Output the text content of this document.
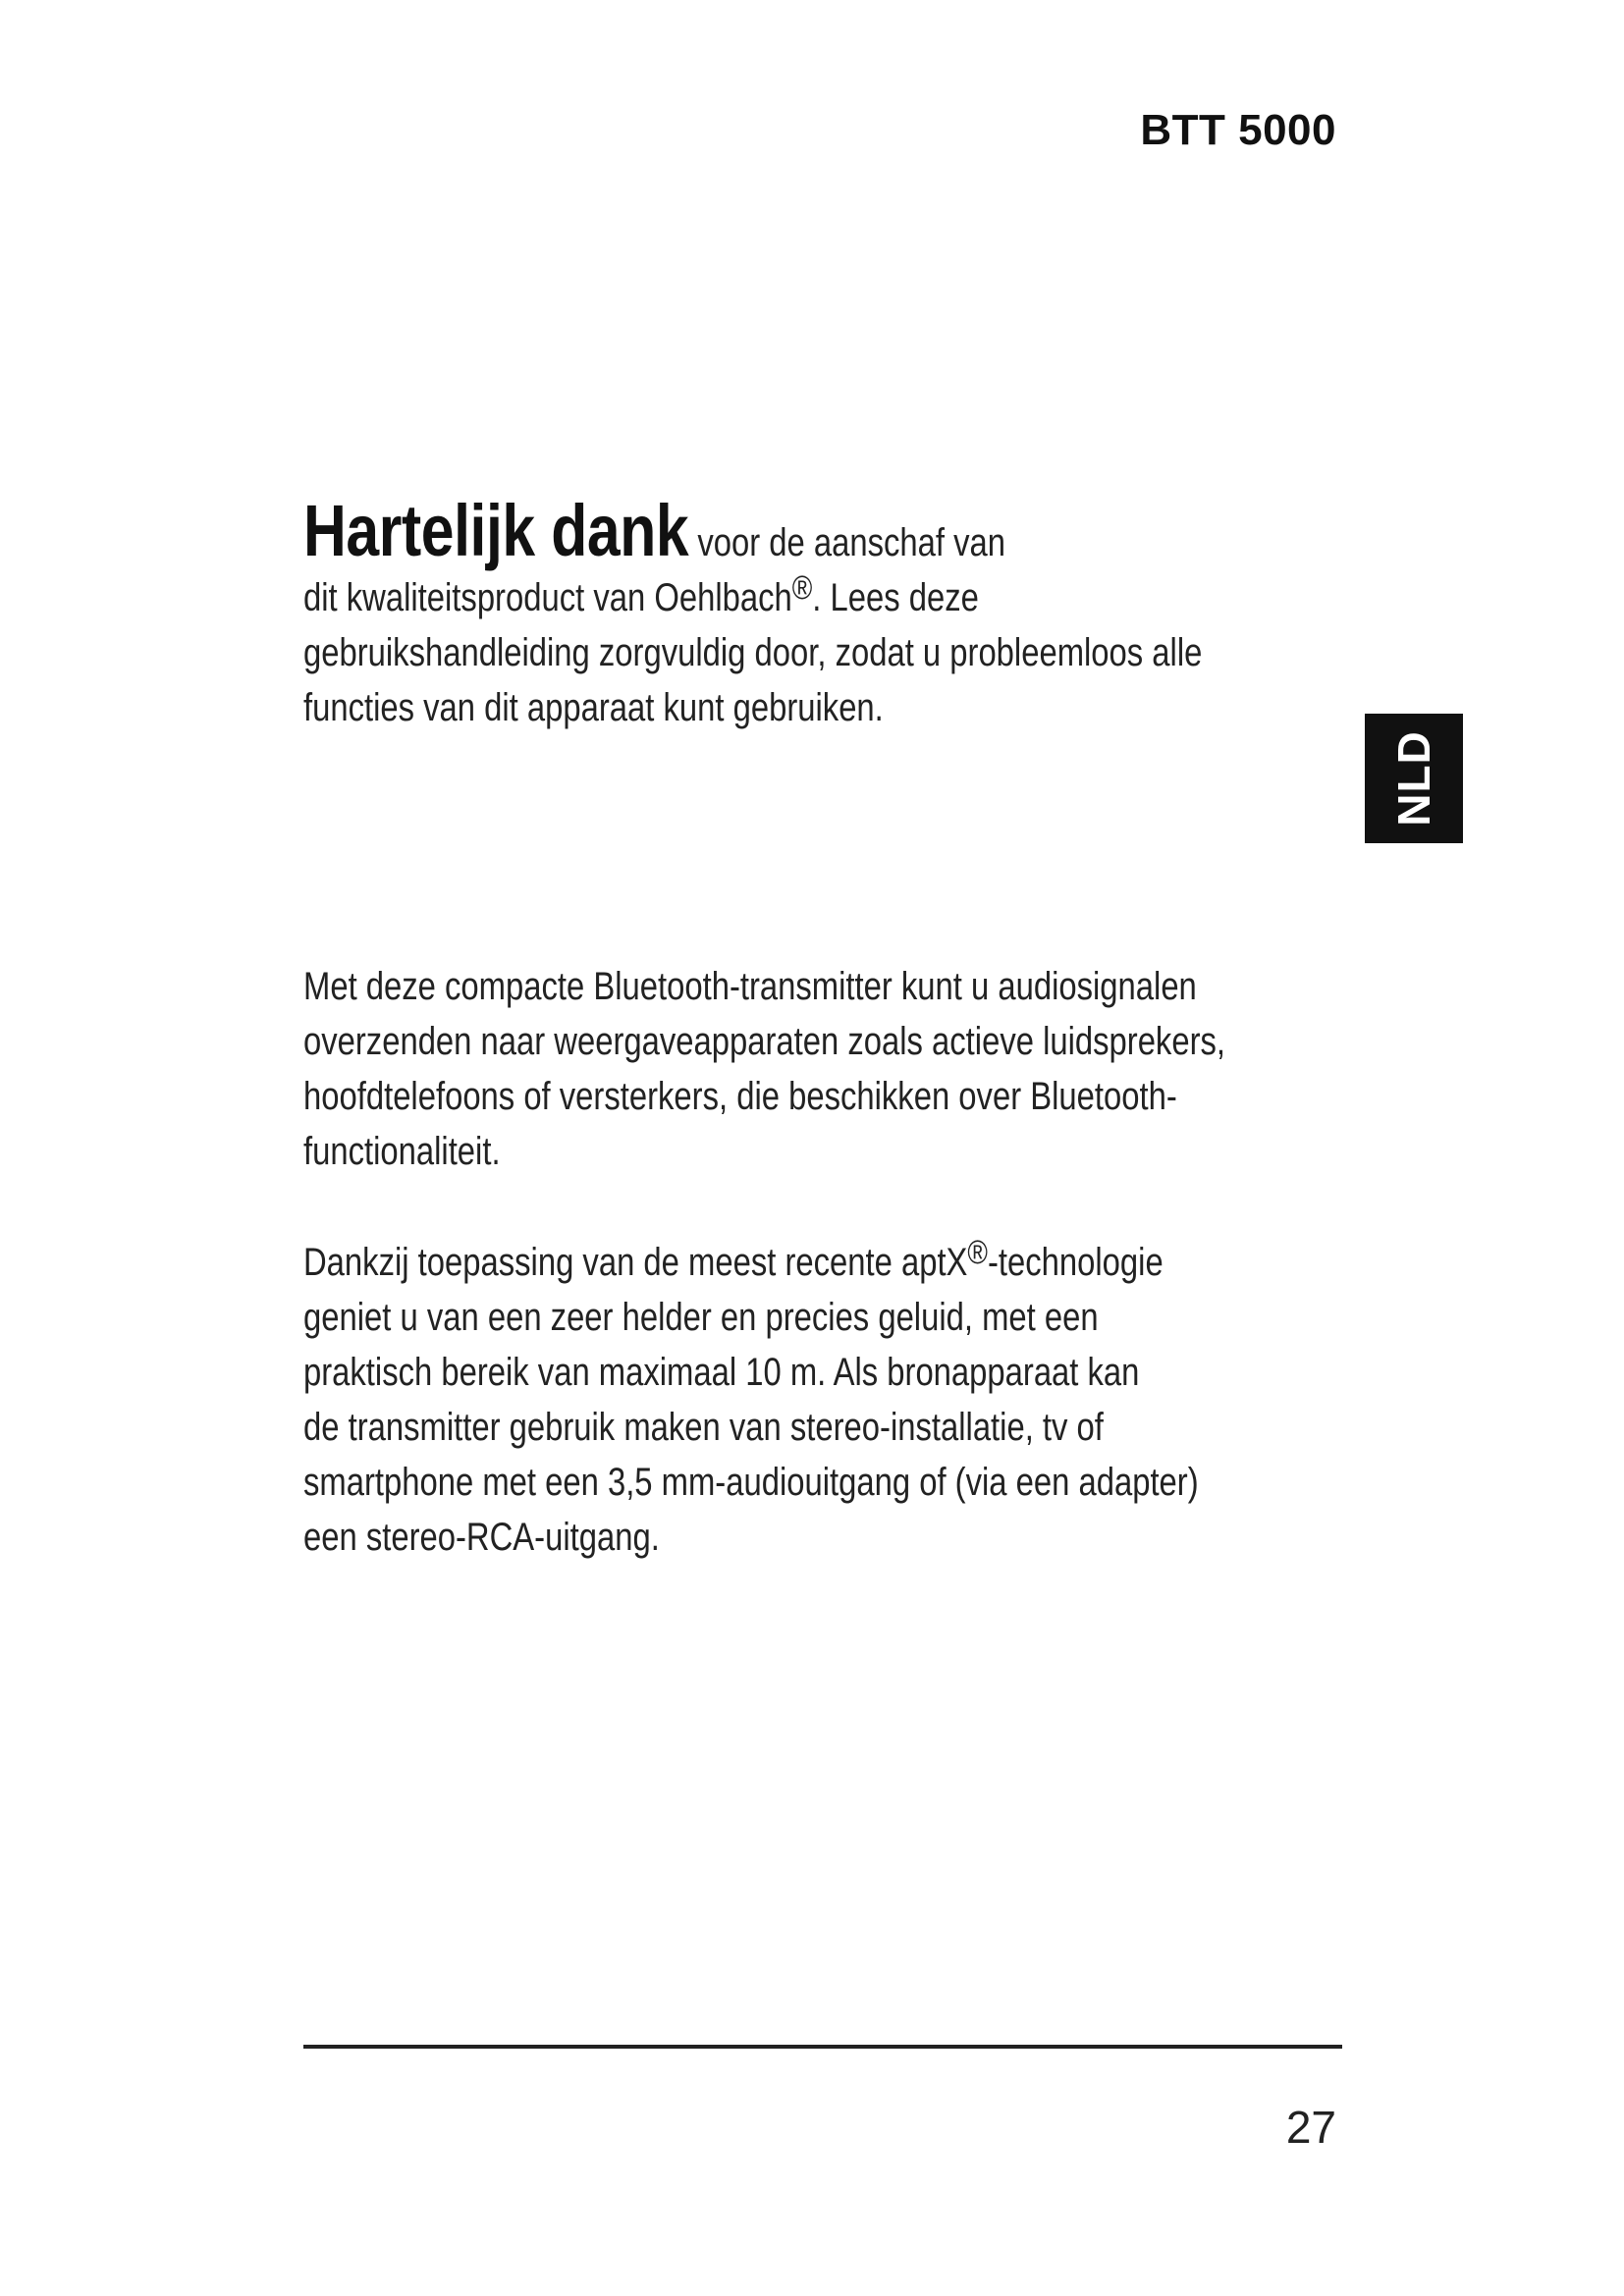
BTT 5000
NLD
Hartelijk dank voor de aanschaf van
dit kwaliteitsproduct van Oehlbach®. Lees deze
gebruikshandleiding zorgvuldig door, zodat u probleemloos alle
functies van dit apparaat kunt gebruiken.
Met deze compacte Bluetooth-transmitter kunt u audiosignalen
overzenden naar weergaveapparaten zoals actieve luidsprekers,
hoofdtelefoons of versterkers, die beschikken over Bluetooth-
functionaliteit.
Dankzij toepassing van de meest recente aptX®-technologie
geniet u van een zeer helder en precies geluid, met een
praktisch bereik van maximaal 10 m. Als bronapparaat kan
de transmitter gebruik maken van stereo-installatie, tv of
smartphone met een 3,5 mm-audiouitgang of (via een adapter)
een stereo-RCA-uitgang.
27
